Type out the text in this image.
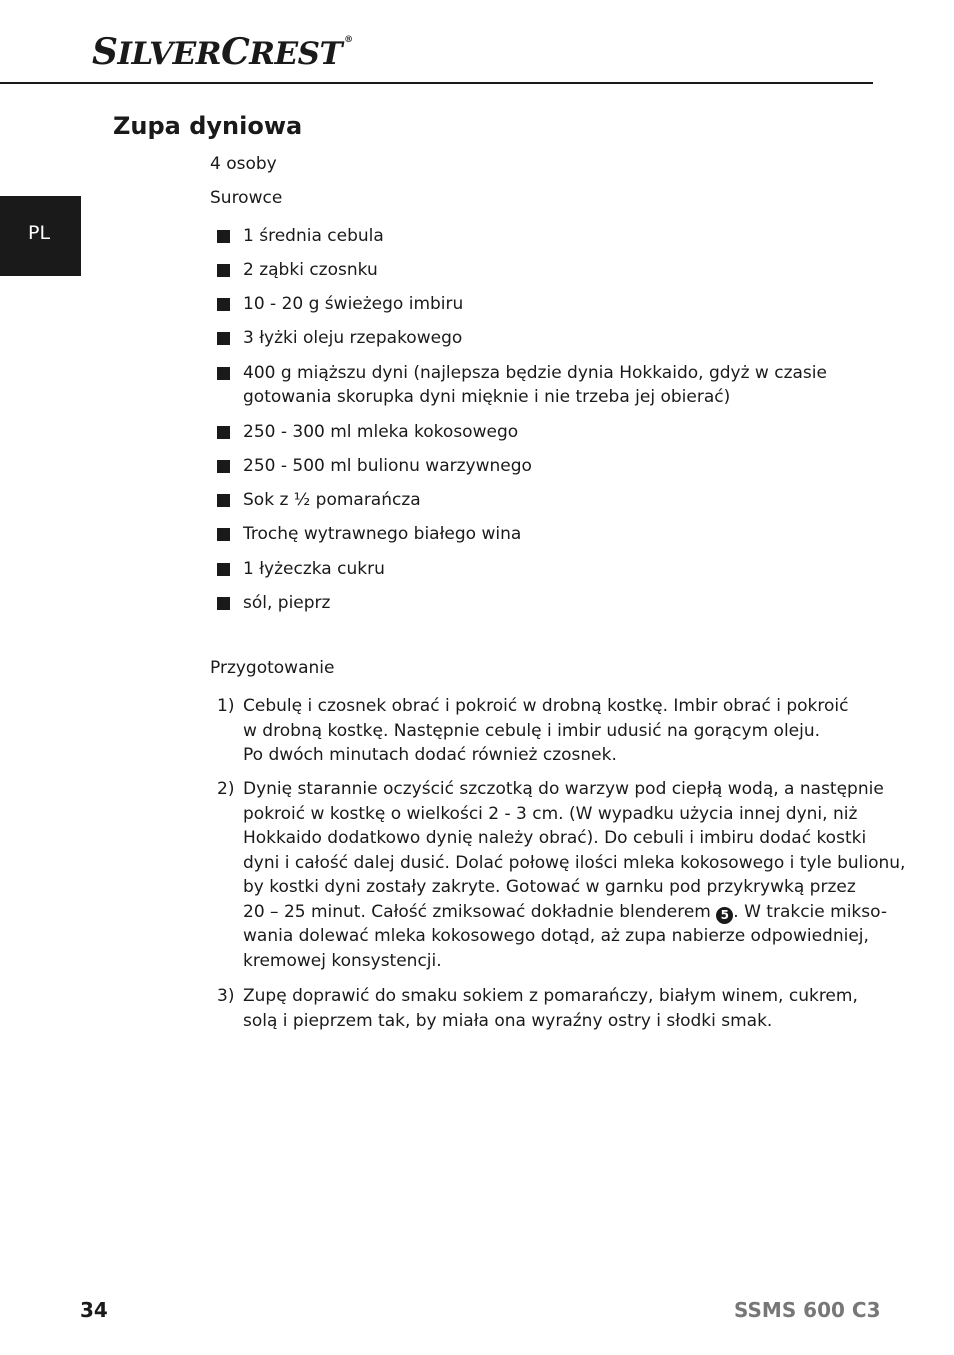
SILVERCREST ®
PL
Zupa dyniowa
4 osoby
Surowce
1 średnia cebula
2 ząbki czosnku
10 - 20 g świeżego imbiru
3 łyżki oleju rzepakowego
400 g miąższu dyni (najlepsza będzie dynia Hokkaido, gdyż w czasie
gotowania skorupka dyni mięknie i nie trzeba jej obierać)
250 - 300 ml mleka kokosowego
250 - 500 ml bulionu warzywnego
Sok z ½ pomarańcza
Trochę wytrawnego białego wina
1 łyżeczka cukru
sól, pieprz
Przygotowanie
1) Cebulę i czosnek obrać i pokroić w drobną kostkę. Imbir obrać i pokroić
w drobną kostkę. Następnie cebulę i imbir udusić na gorącym oleju.
Po dwóch minutach dodać również czosnek.
2) Dynię starannie oczyścić szczotką do warzyw pod ciepłą wodą, a następnie
pokroić w kostkę o wielkości 2 - 3 cm. (W wypadku użycia innej dyni, niż
Hokkaido dodatkowo dynię należy obrać). Do cebuli i imbiru dodać kostki
dyni i całość dalej dusić. Dolać połowę ilości mleka kokosowego i tyle bulionu,
by kostki dyni zostały zakryte. Gotować w garnku pod przykrywką przez
20 – 25 minut. Całość zmiksować dokładnie blenderem 5 . W trakcie mikso-
wania dolewać mleka kokosowego dotąd, aż zupa nabierze odpowiedniej,
kremowej konsystencji.
3) Zupę doprawić do smaku sokiem z pomarańczy, białym winem, cukrem,
solą i pieprzem tak, by miała ona wyraźny ostry i słodki smak.
34	SSMS 600 C3
